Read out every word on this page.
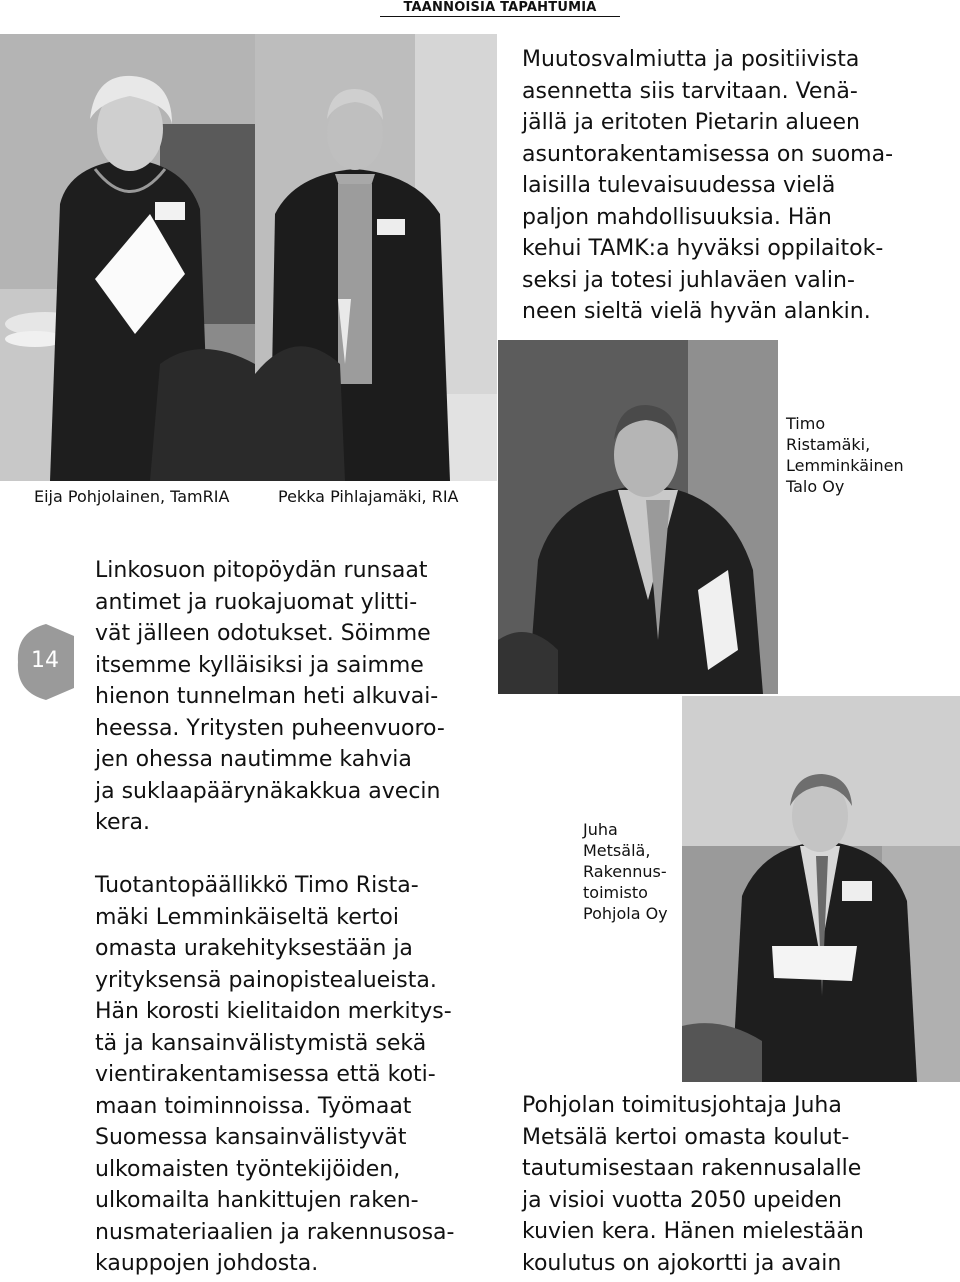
TAANNOISIA TAPAHTUMIA
Muutosvalmiutta ja positiivista
asennetta siis tarvitaan. Venä-
jällä ja eritoten Pietarin alueen
asuntorakentamisessa on suoma-
laisilla tulevaisuudessa vielä
paljon mahdollisuuksia. Hän
kehui TAMK:a hyväksi oppilaitok-
seksi ja totesi juhlaväen valin-
neen sieltä vielä hyvän alankin.
Timo
Ristamäki,
Lemminkäinen
Talo Oy
Eija Pohjolainen, TamRIA	Pekka Pihlajamäki, RIA
14
Linkosuon pitopöydän runsaat
antimet ja ruokajuomat ylitti-
vät jälleen odotukset. Söimme
itsemme kylläisiksi ja saimme
hienon tunnelman heti alkuvai-
heessa. Yritysten puheenvuoro-
jen ohessa nautimme kahvia
ja suklaapäärynäkakkua avecin
kera.	Juha
Metsälä,
Rakennus-
toimisto
Pohjola Oy
Tuotantopäällikkö Timo Rista-
mäki Lemminkäiseltä kertoi
omasta urakehityksestään ja
yrityksensä painopistealueista.
Hän korosti kielitaidon merkitys-
tä ja kansainvälistymistä sekä
vientirakentamisessa että koti-
maan toiminnoissa. Työmaat
Suomessa kansainvälistyvät
ulkomaisten työntekijöiden,
ulkomailta hankittujen raken-
nusmateriaalien ja rakennusosa-
kauppojen johdosta.
Pohjolan toimitusjohtaja Juha
Metsälä kertoi omasta koulut-
tautumisestaan rakennusalalle
ja visioi vuotta 2050 upeiden
kuvien kera. Hänen mielestään
koulutus on ajokortti ja avain
